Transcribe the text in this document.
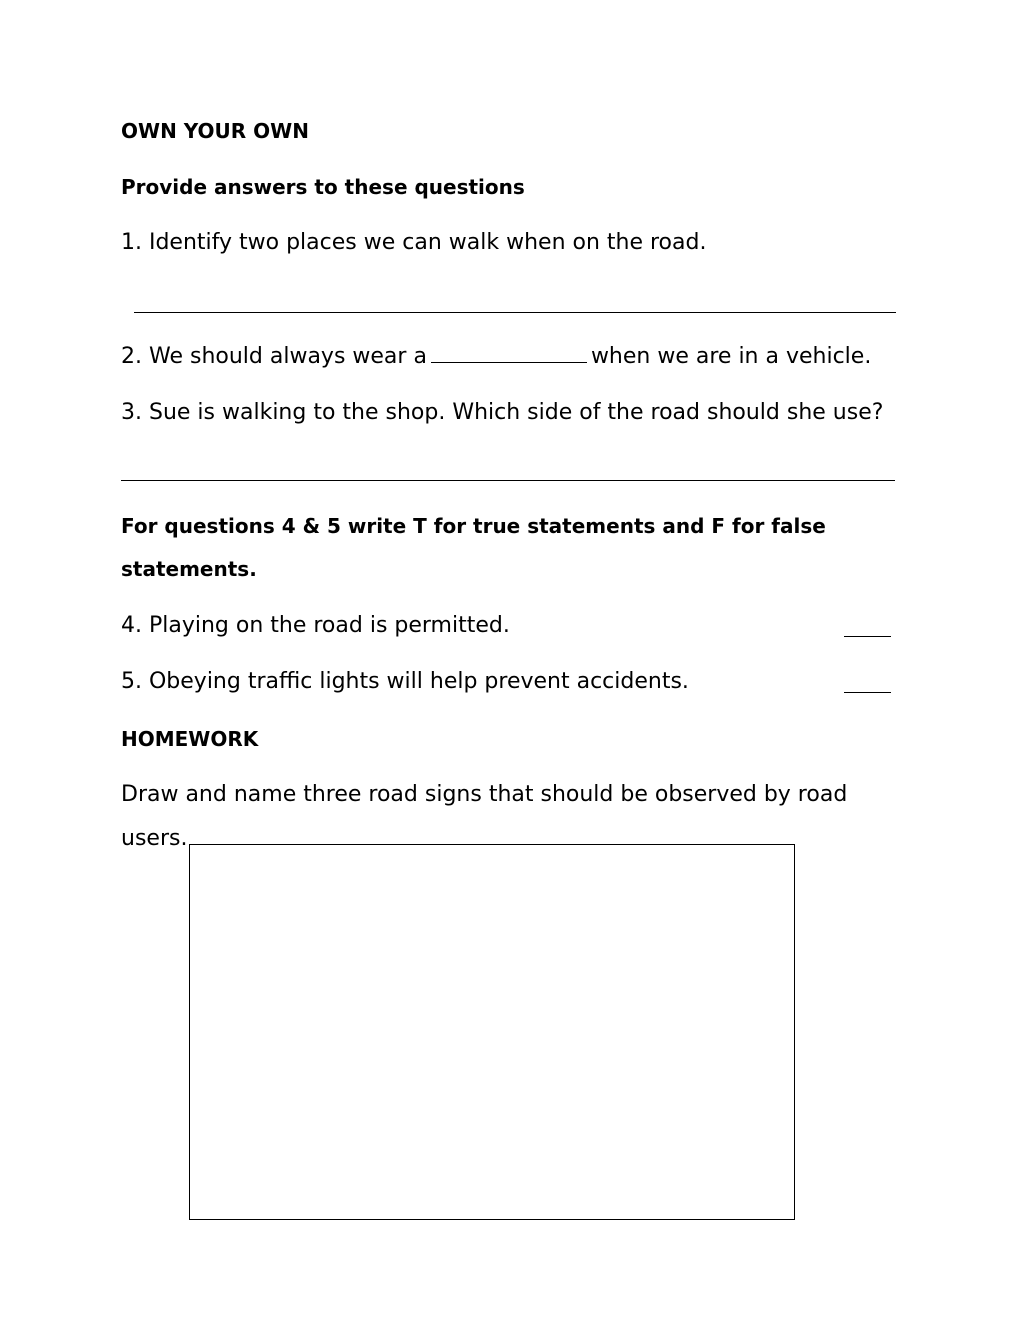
OWN YOUR OWN

Provide answers to these questions

1. Identify two places we can walk when on the road.

2. We should always wear a	when we are in a vehicle.

3. Sue is walking to the shop. Which side of the road should she use?

For questions 4 & 5 write T for true statements and F for false

statements.

4. Playing on the road is permitted.

5. Obeying traffic lights will help prevent accidents.

HOMEWORK

Draw and name three road signs that should be observed by road

users.
